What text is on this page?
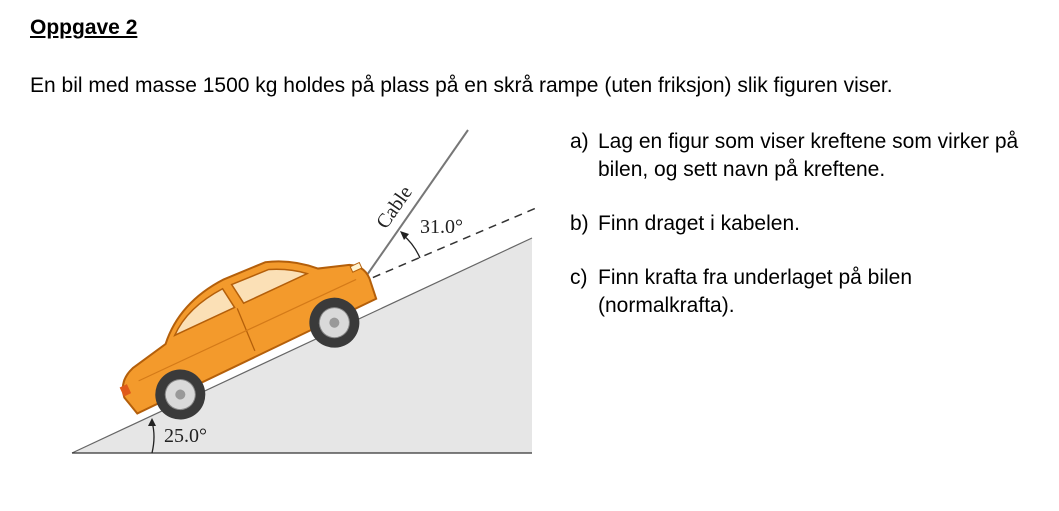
Oppgave 2
En bil med masse 1500 kg holdes på plass på en skrå rampe (uten friksjon) slik figuren viser.
25.0°
31.0°
Cable
a) Lag en figur som viser kreftene som virker på bilen, og sett navn på kreftene.
b) Finn draget i kabelen.
c) Finn krafta fra underlaget på bilen (normalkrafta).
